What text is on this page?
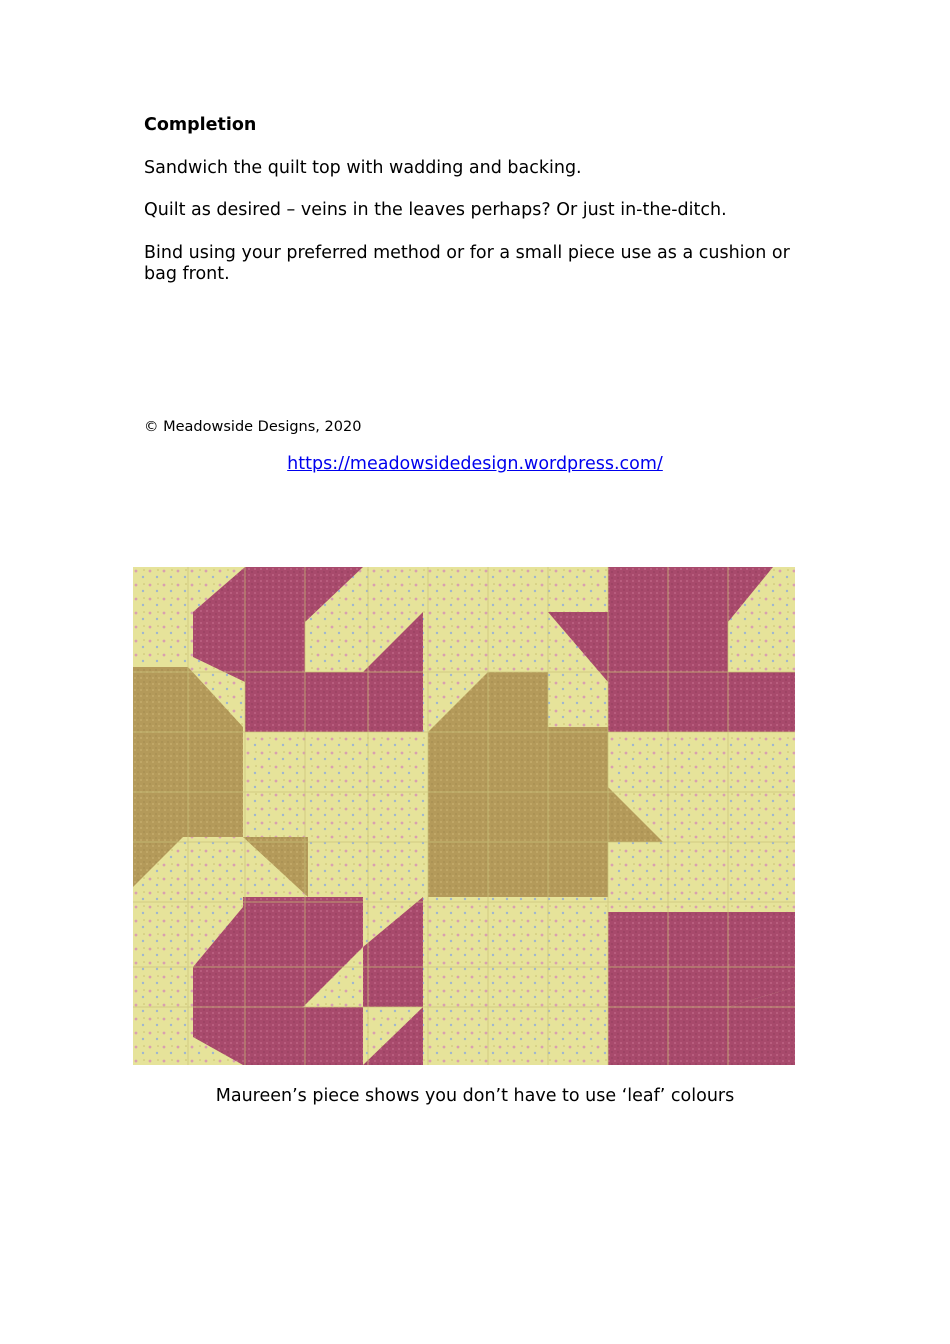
Completion
Sandwich the quilt top with wadding and backing.
Quilt as desired – veins in the leaves perhaps? Or just in-the-ditch.
Bind using your preferred method or for a small piece use as a cushion or bag front.
© Meadowside Designs, 2020
https://meadowsidedesign.wordpress.com/
Maureen’s piece shows you don’t have to use ‘leaf’ colours
